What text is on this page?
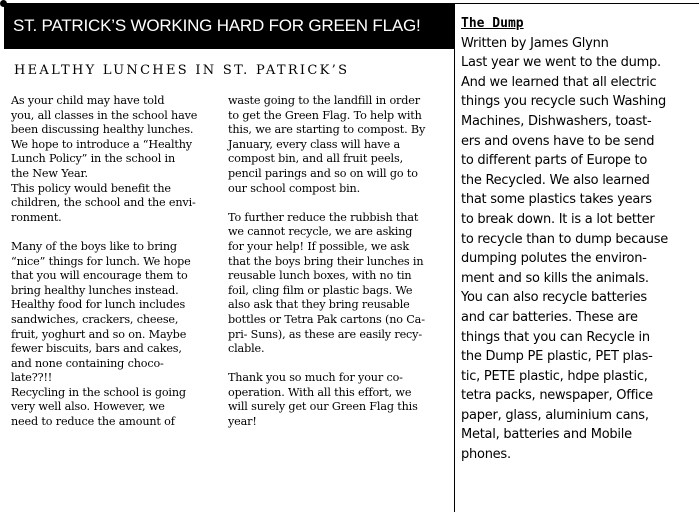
ST. PATRICK’S WORKING HARD FOR GREEN FLAG!
HEALTHY LUNCHES IN ST. PATRICK’S
As your child may have told
you, all classes in the school have
been discussing healthy lunches.
We hope to introduce a “Healthy
Lunch Policy” in the school in
the New Year.
This policy would benefit the
children, the school and the envi-
ronment.
Many of the boys like to bring
“nice” things for lunch. We hope
that you will encourage them to
bring healthy lunches instead.
Healthy food for lunch includes
sandwiches, crackers, cheese,
fruit, yoghurt and so on. Maybe
fewer biscuits, bars and cakes,
and none containing choco-
late??!!
Recycling in the school is going
very well also. However, we
need to reduce the amount of
waste going to the landfill in order
to get the Green Flag. To help with
this, we are starting to compost. By
January, every class will have a
compost bin, and all fruit peels,
pencil parings and so on will go to
our school compost bin.
To further reduce the rubbish that
we cannot recycle, we are asking
for your help! If possible, we ask
that the boys bring their lunches in
reusable lunch boxes, with no tin
foil, cling film or plastic bags. We
also ask that they bring reusable
bottles or Tetra Pak cartons (no Ca-
pri- Suns), as these are easily recy-
clable.
Thank you so much for your co-
operation. With all this effort, we
will surely get our Green Flag this
year!
The Dump
Written by James Glynn
Last year we went to the dump.
And we learned that all electric
things you recycle such Washing
Machines, Dishwashers, toast-
ers and ovens have to be send
to different parts of Europe to
the Recycled. We also learned
that some plastics takes years
to break down. It is a lot better
to recycle than to dump because
dumping polutes the environ-
ment and so kills the animals.
You can also recycle batteries
and car batteries. These are
things that you can Recycle in
the Dump PE plastic, PET plas-
tic, PETE plastic, hdpe plastic,
tetra packs, newspaper, Office
paper, glass, aluminium cans,
Metal, batteries and Mobile
phones.
